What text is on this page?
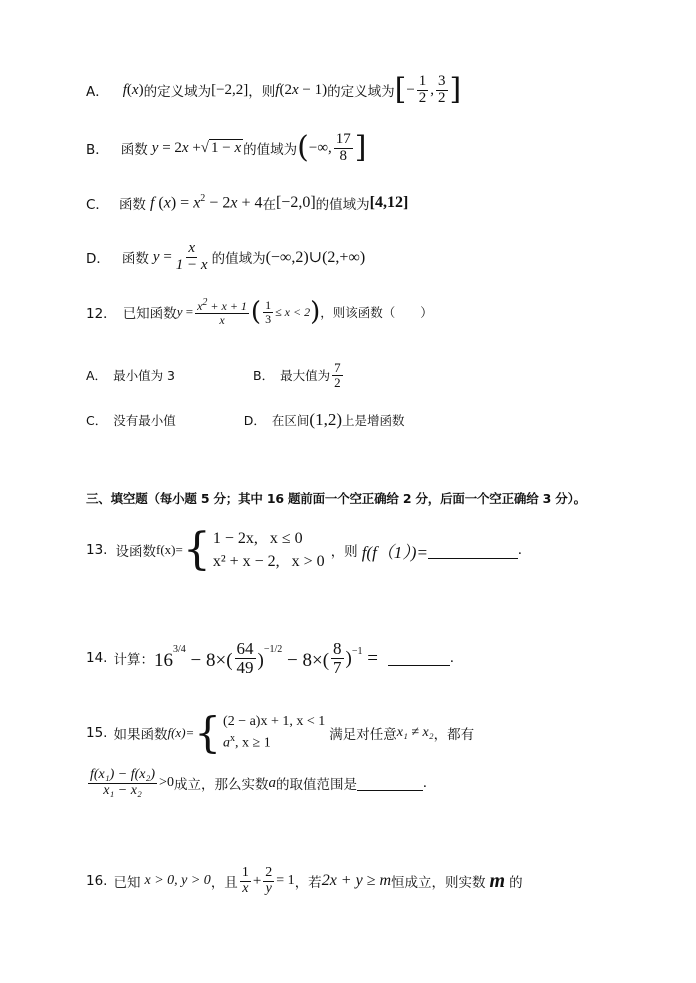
A． f(x) 的定义域为 [−2,2] ，则 f(2x − 1) 的定义域为 [ − $\frac{1}{2}$ , $\frac{3}{2}$ ]
B． 函数 y = 2x + √ 1 − x 的值域为 ( −∞, $\frac{17}{8}$ ]
C． 函数 f $(x) = x^2 - 2x + 4$ 在 [−2,0] 的值域为 [4,12]
D． 函数 $y = \frac{x}{1 - x}$ 的值域为 (−∞,2)∪(2,+∞)
12． 已知函数 $y = \frac{x^2 + x + 1}{x}$ ( $\frac{1}{3} \le x < 2$ ) ，则该函数（　　）
A． 最小值为 3	B． 最大值为 $\frac{7}{2}$
C． 没有最小值	D． 在区间 (1,2) 上是增函数
三、填空题（每小题 5 分；其中 16 题前面一个空正确给 2 分，后面一个空正确给 3 分）。
13. 设函数 f(x)= { 1 − 2x, x ≤ 0
x² + x − 2, x > 0
，则 f(f（1）)=	.
14. 计算： $16^{3/4} - 8\times( \frac{64}{49} )^{-1/2} - 8\times( \frac{8}{7} )^{-1}$ =	.
15. 如果函数 f(x)= { (2 − a)x + 1, x < 1
$a^x$, x ≥ 1
满足对任意 x₁ ≠ x₂ ，都有
$\frac{\text{f(x₁) − f(x₂)}}{\text{x₁ − x₂}} >0$ 成立，那么实数 a 的取值范围是	.
16. 已知 x > 0, y > 0 ，且 $\frac{1}{x} + \frac{2}{y} = 1$ ，若 2x + y ≥ m 恒成立，则实数 m 的
